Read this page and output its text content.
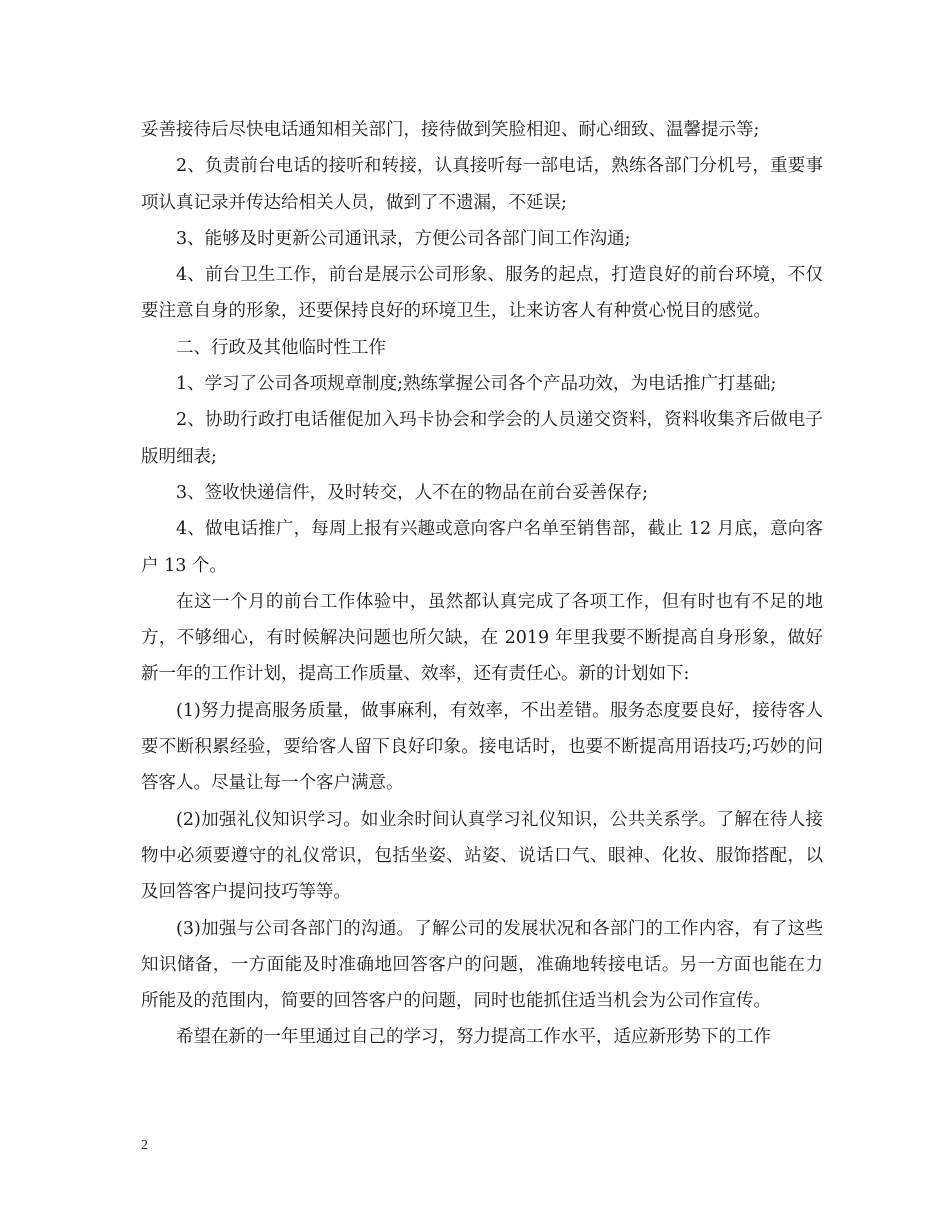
妥善接待后尽快电话通知相关部门，接待做到笑脸相迎、耐心细致、温馨提示等;

2、负责前台电话的接听和转接，认真接听每一部电话，熟练各部门分机号，重要事项认真记录并传达给相关人员，做到了不遗漏，不延误;

3、能够及时更新公司通讯录，方便公司各部门间工作沟通;

4、前台卫生工作，前台是展示公司形象、服务的起点，打造良好的前台环境，不仅要注意自身的形象，还要保持良好的环境卫生，让来访客人有种赏心悦目的感觉。

二、行政及其他临时性工作

1、学习了公司各项规章制度;熟练掌握公司各个产品功效，为电话推广打基础;

2、协助行政打电话催促加入玛卡协会和学会的人员递交资料，资料收集齐后做电子版明细表;

3、签收快递信件，及时转交，人不在的物品在前台妥善保存;

4、做电话推广，每周上报有兴趣或意向客户名单至销售部，截止 12 月底，意向客户 13 个。

在这一个月的前台工作体验中，虽然都认真完成了各项工作，但有时也有不足的地方，不够细心，有时候解决问题也所欠缺，在 2019 年里我要不断提高自身形象，做好新一年的工作计划，提高工作质量、效率，还有责任心。新的计划如下:

(1)努力提高服务质量，做事麻利，有效率，不出差错。服务态度要良好，接待客人要不断积累经验，要给客人留下良好印象。接电话时，也要不断提高用语技巧;巧妙的问答客人。尽量让每一个客户满意。

(2)加强礼仪知识学习。如业余时间认真学习礼仪知识，公共关系学。了解在待人接物中必须要遵守的礼仪常识，包括坐姿、站姿、说话口气、眼神、化妆、服饰搭配，以及回答客户提问技巧等等。

(3)加强与公司各部门的沟通。了解公司的发展状况和各部门的工作内容，有了这些知识储备，一方面能及时准确地回答客户的问题，准确地转接电话。另一方面也能在力所能及的范围内，简要的回答客户的问题，同时也能抓住适当机会为公司作宣传。

希望在新的一年里通过自己的学习，努力提高工作水平，适应新形势下的工作

2
